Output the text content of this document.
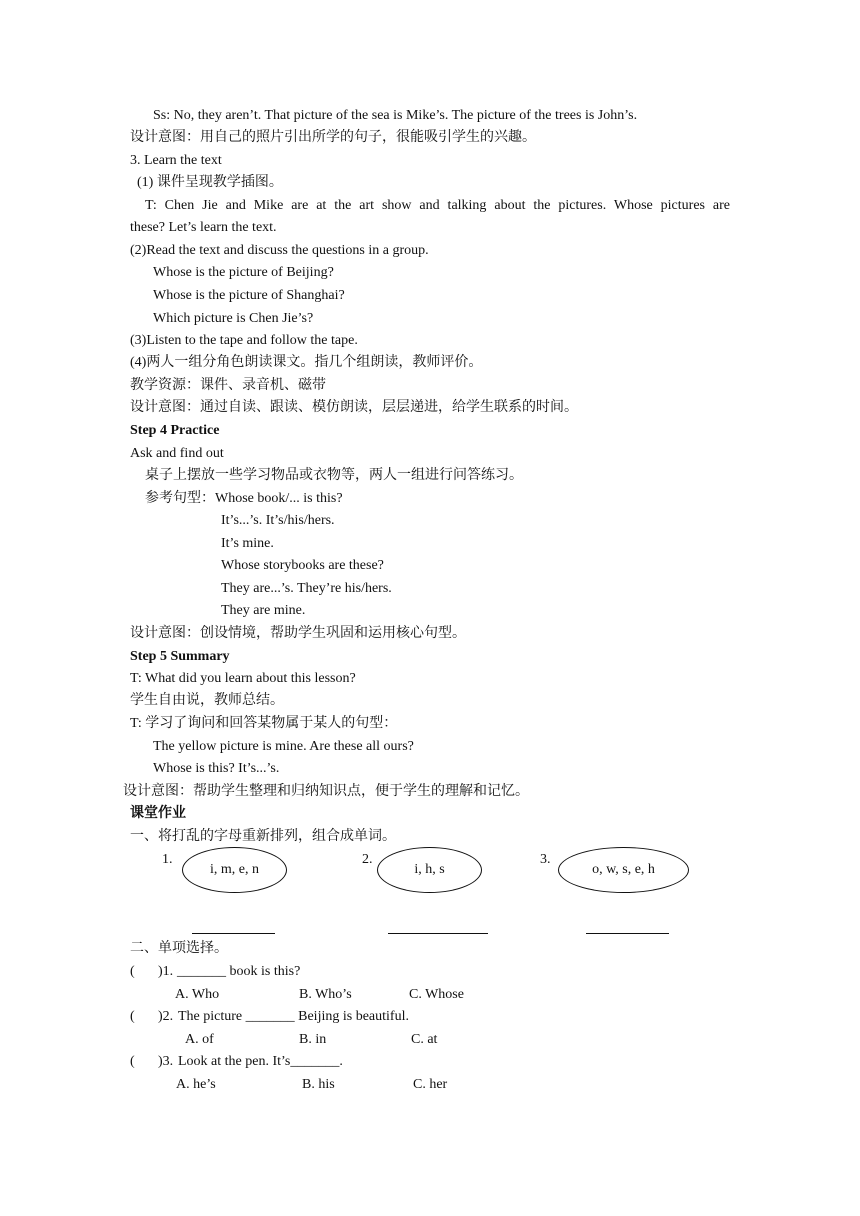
Ss: No, they aren’t. That picture of the sea is Mike’s. The picture of the trees is John’s.
设计意图：用自己的照片引出所学的句子，很能吸引学生的兴趣。
3. Learn the text
(1) 课件呈现教学插图。
T: Chen Jie and Mike are at the art show and talking about the pictures. Whose pictures are
these? Let’s learn the text.
(2)Read the text and discuss the questions in a group.
Whose is the picture of Beijing?
Whose is the picture of Shanghai?
Which picture is Chen Jie’s?
(3)Listen to the tape and follow the tape.
(4)两人一组分角色朗读课文。指几个组朗读，教师评价。
教学资源：课件、录音机、磁带
设计意图：通过自读、跟读、模仿朗读，层层递进，给学生联系的时间。
Step 4 Practice
Ask and find out
桌子上摆放一些学习物品或衣物等，两人一组进行问答练习。
参考句型：Whose book/... is this?
It’s...’s. It’s/his/hers.
It’s mine.
Whose storybooks are these?
They are...’s. They’re his/hers.
They are mine.
设计意图：创设情境，帮助学生巩固和运用核心句型。
Step 5 Summary
T: What did you learn about this lesson?
学生自由说，教师总结。
T: 学习了询问和回答某物属于某人的句型：
The yellow picture is mine. Are these all ours?
Whose is this? It’s...’s.
设计意图：帮助学生整理和归纳知识点，便于学生的理解和记忆。
课堂作业
一、将打乱的字母重新排列，组合成单词。
1.
i, m, e, n
2.
i, h, s
3.
o, w, s, e, h
二、单项选择。
( )1. _______ book is this?
A. Who	B. Who’s	C. Whose
( )2. The picture _______ Beijing is beautiful.
A. of	B. in	C. at
( )3. Look at the pen. It’s_______.
A. he’s	B. his	C. her
